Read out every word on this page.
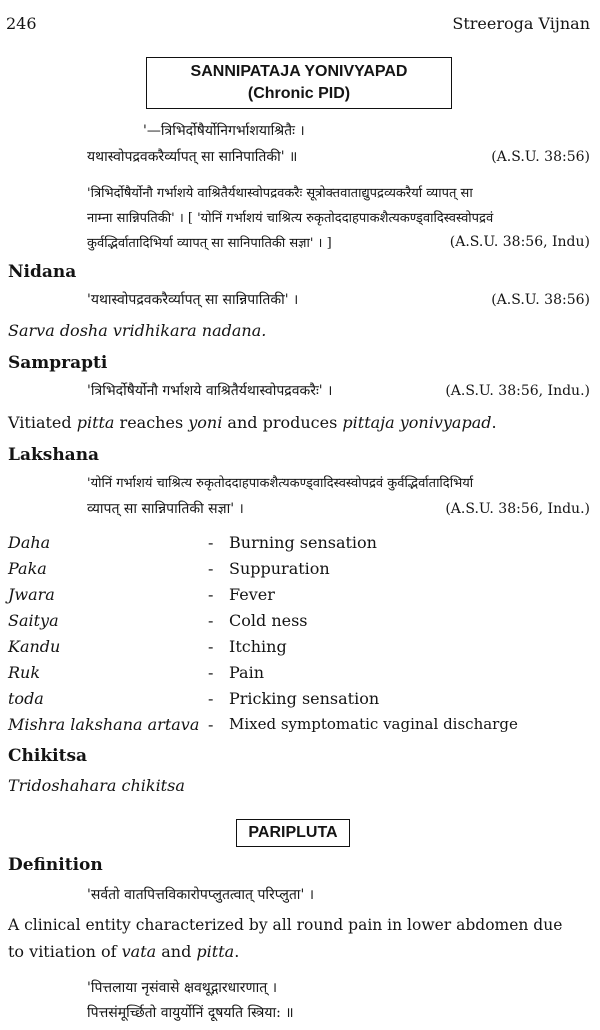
246	Streeroga Vijnan
SANNIPATAJA YONIVYAPAD
(Chronic PID)
'—त्रिभिर्दोषैर्योनिगर्भाशयाश्रितैः ।
यथास्वोपद्रवकरैर्व्यापत् सा सानिपातिकी' ॥	(A.S.U. 38:56)
'त्रिभिर्दोषैर्योनौ गर्भाशये वाश्रितैर्यथास्वोपद्रवकरैः सूत्रोक्तवाताद्युपद्रव्यकरैर्या व्यापत् सा
नाम्ना सान्निपतिकी' । [ 'योनिं गर्भाशयं चाश्रित्य रुकृतोददाहपाकशैत्यकण्ड्वादिस्वस्वोपद्रवं
कुर्वद्भिर्वातादिभिर्या व्यापत् सा सानिपातिकी सज्ञा' । ]	(A.S.U. 38:56, Indu)
Nidana
'यथास्वोपद्रवकरैर्व्यापत् सा सान्निपातिकी' ।	(A.S.U. 38:56)
Sarva dosha vridhikara nadana.
Samprapti
'त्रिभिर्दोषैर्योनौ गर्भाशये वाश्रितैर्यथास्वोपद्रवकरैः' ।	(A.S.U. 38:56, Indu.)
Vitiated pitta reaches yoni and produces pittaja yonivyapad.
Lakshana
'योनिं गर्भाशयं चाश्रित्य रुकृतोददाहपाकशैत्यकण्ड्वादिस्वस्वोपद्रवं कुर्वद्भिर्वातादिभिर्या
व्यापत् सा सान्निपातिकी सज्ञा' ।	(A.S.U. 38:56, Indu.)
Daha	- Burning sensation
Paka	- Suppuration
Jwara	- Fever
Saitya	- Cold ness
Kandu	- Itching
Ruk	- Pain
toda	- Pricking sensation
Mishra lakshana artava - Mixed symptomatic vaginal discharge
Chikitsa
Tridoshahara chikitsa
PARIPLUTA
Definition
'सर्वतो वातपित्तविकारोपप्लुतत्वात् परिप्लुता' ।
A clinical entity characterized by all round pain in lower abdomen due
to vitiation of vata and pitta.
'पित्तलाया नृसंवासे क्षवथूद्गारधारणात् ।
पित्तसंमूर्च्छितो वायुर्योनिं दूषयति स्त्रिया: ॥
